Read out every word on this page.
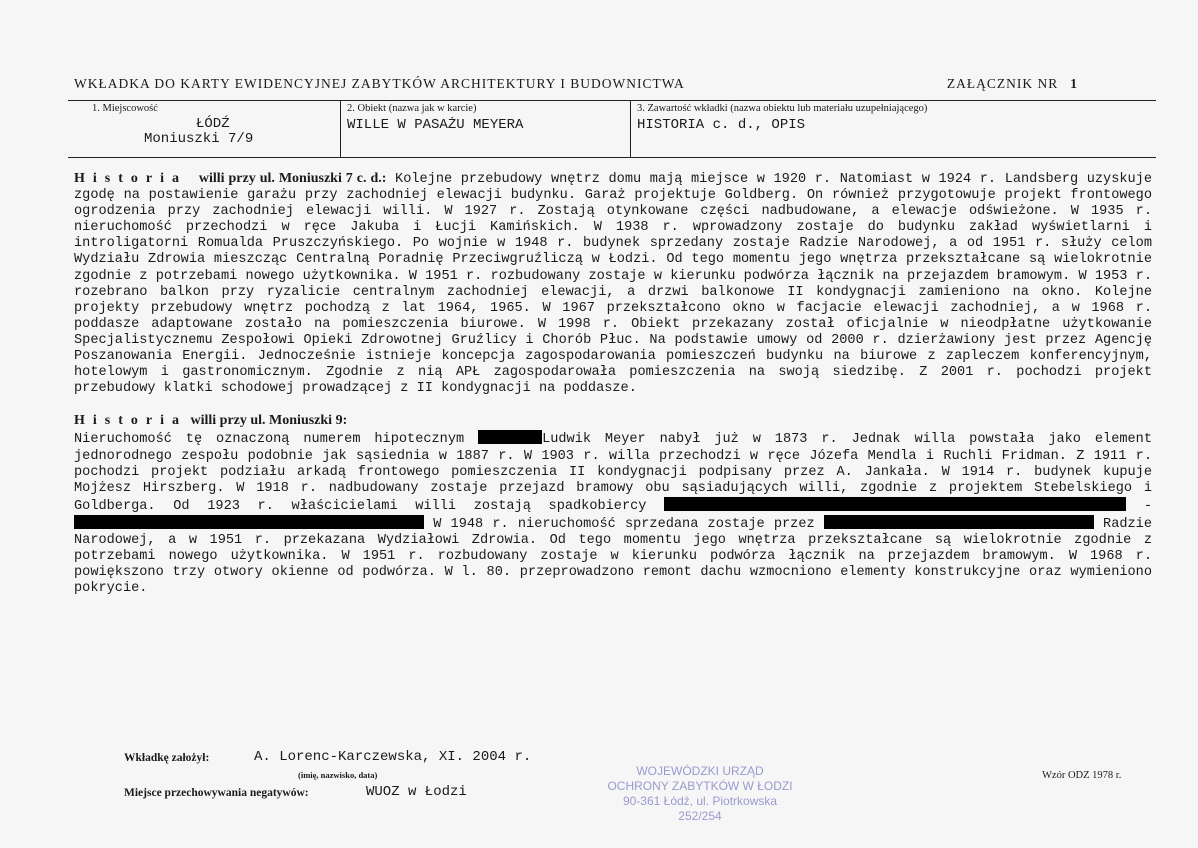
WKŁADKA DO KARTY EWIDENCYJNEJ ZABYTKÓW ARCHITEKTURY I BUDOWNICTWA	ZAŁĄCZNIK NR 1
1. Miejscowość
ŁÓDŹ
Moniuszki 7/9
2. Obiekt (nazwa jak w karcie)
WILLE W PASAŻU MEYERA
3. Zawartość wkładki (nazwa obiektu lub materiału uzupełniającego)
HISTORIA c. d., OPIS

Historia willi przy ul. Moniuszki 7 c. d.: Kolejne przebudowy wnętrz domu mają miejsce w 1920 r. Natomiast w 1924 r. Landsberg uzyskuje zgodę na postawienie garażu przy zachodniej elewacji budynku. Garaż projektuje Goldberg. On również przygotowuje projekt frontowego ogrodzenia przy zachodniej elewacji willi. W 1927 r. Zostają otynkowane części nadbudowane, a elewacje odświeżone. W 1935 r. nieruchomość przechodzi w ręce Jakuba i Łucji Kamińskich. W 1938 r. wprowadzony zostaje do budynku zakład wyświetlarni i introligatorni Romualda Pruszczyńskiego. Po wojnie w 1948 r. budynek sprzedany zostaje Radzie Narodowej, a od 1951 r. służy celom Wydziału Zdrowia mieszcząc Centralną Poradnię Przeciwgruźliczą w Łodzi. Od tego momentu jego wnętrza przekształcane są wielokrotnie zgodnie z potrzebami nowego użytkownika. W 1951 r. rozbudowany zostaje w kierunku podwórza łącznik na przejazdem bramowym. W 1953 r. rozebrano balkon przy ryzalicie centralnym zachodniej elewacji, a drzwi balkonowe II kondygnacji zamieniono na okno. Kolejne projekty przebudowy wnętrz pochodzą z lat 1964, 1965. W 1967 przekształcono okno w facjacie elewacji zachodniej, a w 1968 r. poddasze adaptowane zostało na pomieszczenia biurowe. W 1998 r. Obiekt przekazany został oficjalnie w nieodpłatne użytkowanie Specjalistycznemu Zespołowi Opieki Zdrowotnej Gruźlicy i Chorób Płuc. Na podstawie umowy od 2000 r. dzierżawiony jest przez Agencję Poszanowania Energii. Jednocześnie istnieje koncepcja zagospodarowania pomieszczeń budynku na biurowe z zapleczem konferencyjnym, hotelowym i gastronomicznym. Zgodnie z nią APŁ zagospodarowała pomieszczenia na swoją siedzibę. Z 2001 r. pochodzi projekt przebudowy klatki schodowej prowadzącej z II kondygnacji na poddasze.

Historia willi przy ul. Moniuszki 9:
Nieruchomość tę oznaczoną numerem hipotecznym	Ludwik Meyer nabył już w 1873 r. Jednak willa powstała jako element jednorodnego zespołu podobnie jak sąsiednia w 1887 r. W 1903 r. willa przechodzi w ręce Józefa Mendla i Ruchli Fridman. Z 1911 r. pochodzi projekt podziału arkadą frontowego pomieszczenia II kondygnacji podpisany przez A. Jankała. W 1914 r. budynek kupuje Mojżesz Hirszberg. W 1918 r. nadbudowany zostaje przejazd bramowy obu sąsiadujących willi, zgodnie z projektem Stebelskiego i Goldberga. Od 1923 r. właścicielami willi zostają spadkobiercy	-  W 1948 r. nieruchomość sprzedana zostaje przez	Radzie Narodowej, a w 1951 r. przekazana Wydziałowi Zdrowia. Od tego momentu jego wnętrza przekształcane są wielokrotnie zgodnie z potrzebami nowego użytkownika. W 1951 r. rozbudowany zostaje w kierunku podwórza łącznik na przejazdem bramowym. W 1968 r. powiększono trzy otwory okienne od podwórza. W l. 80. przeprowadzono remont dachu wzmocniono elementy konstrukcyjne oraz wymieniono pokrycie.

Wkładkę założył:	A. Lorenc-Karczewska, XI. 2004 r.
(imię, nazwisko, data)
Miejsce przechowywania negatywów:	WUOZ w Łodzi
WOJEWÓDZKI URZĄD
OCHRONY ZABYTKÓW W ŁODZI
90-361 Łódź, ul. Piotrkowska 252/254
Wzór ODZ 1978 r.
